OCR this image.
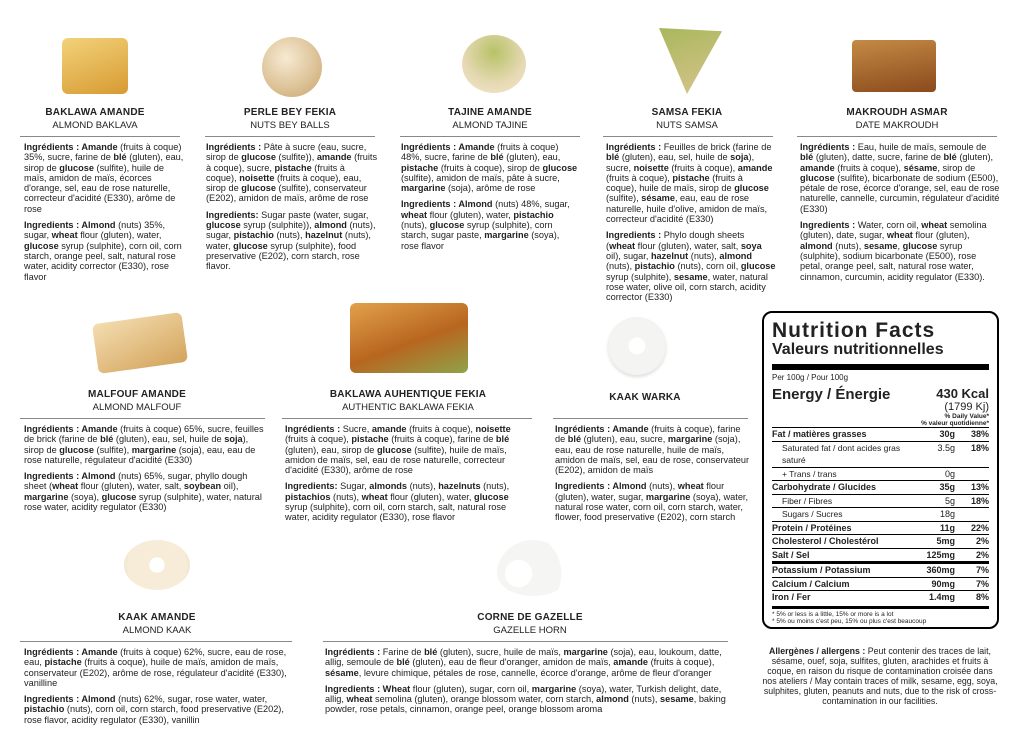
BAKLAWA AMANDE
ALMOND BAKLAVA

Ingrédients : Amande (fruits à coque) 35%, sucre, farine de blé (gluten), eau, sirop de glucose (sulfite), huile de maïs, amidon de maïs, écorces d'orange, sel, eau de rose naturelle, correcteur d'acidité (E330), arôme de rose

Ingredients : Almond (nuts) 35%, sugar, wheat flour (gluten), water, glucose syrup (sulphite), corn oil, corn starch, orange peel, salt, natural rose water, acidity corrector (E330), rose flavor

PERLE BEY FEKIA
NUTS BEY BALLS

Ingrédients : Pâte à sucre (eau, sucre, sirop de glucose (sulfite)), amande (fruits à coque), sucre, pistache (fruits à coque), noisette (fruits à coque), eau, sirop de glucose (sulfite), conservateur (E202), amidon de maïs, arôme de rose

Ingredients: Sugar paste (water, sugar, glucose syrup (sulphite)), almond (nuts), sugar, pistachio (nuts), hazelnut (nuts), water, glucose syrup (sulphite), food preservative (E202), corn starch, rose flavor.

TAJINE AMANDE
ALMOND TAJINE

Ingrédients : Amande (fruits à coque) 48%, sucre, farine de blé (gluten), eau, pistache (fruits à coque), sirop de glucose (sulfite), amidon de maïs, pâte à sucre, margarine (soja), arôme de rose

Ingredients : Almond (nuts) 48%, sugar, wheat flour (gluten), water, pistachio (nuts), glucose syrup (sulphite), corn starch, sugar paste, margarine (soya), rose flavor

SAMSA FEKIA
NUTS SAMSA

Ingrédients : Feuilles de brick (farine de blé (gluten), eau, sel, huile de soja), sucre, noisette (fruits à coque), amande (fruits à coque), pistache (fruits à coque), huile de maïs, sirop de glucose (sulfite), sésame, eau, eau de rose naturelle, huile d'olive, amidon de maïs, correcteur d'acidité (E330)

Ingredients : Phylo dough sheets (wheat flour (gluten), water, salt, soya oil), sugar, hazelnut (nuts), almond (nuts), pistachio (nuts), corn oil, glucose syrup (sulphite), sesame, water, natural rose water, olive oil, corn starch, acidity corrector (E330)

MAKROUDH ASMAR
DATE MAKROUDH

Ingrédients : Eau, huile de maïs, semoule de blé (gluten), datte, sucre, farine de blé (gluten), amande (fruits à coque), sésame, sirop de glucose (sulfite), bicarbonate de sodium (E500), pétale de rose, écorce d'orange, sel, eau de rose naturelle, cannelle, curcumin, régulateur d'acidité (E330)

Ingredients : Water, corn oil, wheat semolina (gluten), date, sugar, wheat flour (gluten), almond (nuts), sesame, glucose syrup (sulphite), sodium bicarbonate (E500), rose petal, orange peel, salt, natural rose water, cinnamon, curcumin, acidity regulator (E330).

MALFOUF AMANDE
ALMOND MALFOUF

Ingrédients : Amande (fruits à coque) 65%, sucre, feuilles de brick (farine de blé (gluten), eau, sel, huile de soja), sirop de glucose (sulfite), margarine (soja), eau, eau de rose naturelle, régulateur d'acidité (E330)

Ingredients : Almond (nuts) 65%, sugar, phyllo dough sheet (wheat flour (gluten), water, salt, soybean oil), margarine (soya), glucose syrup (sulphite), water, natural rose water, acidity regulator (E330)

BAKLAWA AUHENTIQUE FEKIA
AUTHENTIC BAKLAWA FEKIA

Ingrédients : Sucre, amande (fruits à coque), noisette (fruits à coque), pistache (fruits à coque), farine de blé (gluten), eau, sirop de glucose (sulfite), huile de maïs, amidon de maïs, sel, eau de rose naturelle, correcteur d'acidité (E330), arôme de rose

Ingredients: Sugar, almonds (nuts), hazelnuts (nuts), pistachios (nuts), wheat flour (gluten), water, glucose syrup (sulphite), corn oil, corn starch, salt, natural rose water, acidity regulator (E330), rose flavor

KAAK WARKA

Ingrédients : Amande (fruits à coque), farine de blé (gluten), eau, sucre, margarine (soja), eau, eau de rose naturelle, huile de maïs, amidon de maïs, sel, eau de rose, conservateur (E202), amidon de maïs

Ingredients : Almond (nuts), wheat flour (gluten), water, sugar, margarine (soya), water, natural rose water, corn oil, corn starch, water, flower, food preservative (E202), corn starch

KAAK AMANDE
ALMOND KAAK

Ingrédients : Amande (fruits à coque) 62%, sucre, eau de rose, eau, pistache (fruits à coque), huile de maïs, amidon de maïs, conservateur (E202), arôme de rose, régulateur d'acidité (E330), vanilline

Ingredients : Almond (nuts) 62%, sugar, rose water, water, pistachio (nuts), corn oil, corn starch, food preservative (E202), rose flavor, acidity regulator (E330), vanillin

CORNE DE GAZELLE
GAZELLE HORN

Ingrédients : Farine de blé (gluten), sucre, huile de maïs, margarine (soja), eau, loukoum, datte, allig, semoule de blé (gluten), eau de fleur d'oranger, amidon de maïs, amande (fruits à coque), sésame, levure chimique, pétales de rose, cannelle, écorce d'orange, arôme de fleur d'oranger

Ingredients : Wheat flour (gluten), sugar, corn oil, margarine (soya), water, Turkish delight, date, allig, wheat semolina (gluten), orange blossom water, corn starch, almond (nuts), sesame, baking powder, rose petals, cinnamon, orange peel, orange blossom aroma

Nutrition Facts
Valeurs nutritionnelles
Per 100g / Pour 100g
Energy / Énergie	430 Kcal
(1799 Kj)
% Daily Value*
% valeur quotidienne*
Fat / matières grasses	30g	38%
Saturated fat / dont acides gras saturé
3.5g	18%
+ Trans / trans	0g
Carbohydrate / Glucides	35g	13%
Fiber / Fibres	5g	18%
Sugars / Sucres	18g
Protein / Protéines	11g	22%
Cholesterol / Cholestérol	5mg	2%
Salt / Sel	125mg	2%
Potassium / Potassium	360mg	7%
Calcium / Calcium	90mg	7%
Iron / Fer	1.4mg	8%
* 5% or less is a little, 15% or more is a lot
* 5% ou moins c'est peu, 15% ou plus c'est beaucoup
Allergènes / allergens : Peut contenir des traces de lait, sésame, ouef, soja, sulfites, gluten, arachides et fruits à coque, en raison du risque de contamination croisée dans nos ateliers / May contain traces of milk, sesame, egg, soya, sulphites, gluten, peanuts and nuts, due to the risk of cross-contamination in our facilities.
